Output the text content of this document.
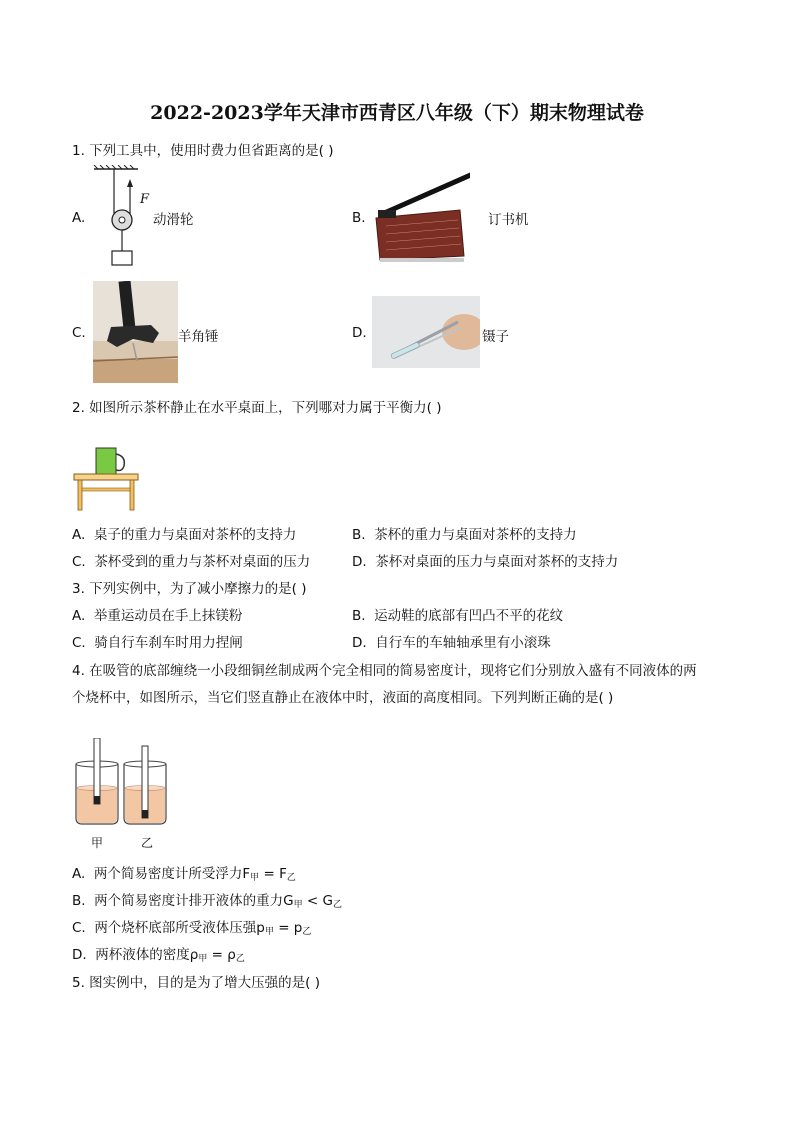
2022-2023学年天津市西青区八年级（下）期末物理试卷
1. 下列工具中，使用时费力但省距离的是( )
A.
F
动滑轮	B.	订书机
C.	羊角锤	D.	镊子
2. 如图所示茶杯静止在水平桌面上，下列哪对力属于平衡力( )
A. 桌子的重力与桌面对茶杯的支持力	B. 茶杯的重力与桌面对茶杯的支持力
C. 茶杯受到的重力与茶杯对桌面的压力	D. 茶杯对桌面的压力与桌面对茶杯的支持力
3. 下列实例中，为了减小摩擦力的是( )
A. 举重运动员在手上抹镁粉	B. 运动鞋的底部有凹凸不平的花纹
C. 骑自行车刹车时用力捏闸	D. 自行车的车轴轴承里有小滚珠
4. 在吸管的底部缠绕一小段细铜丝制成两个完全相同的简易密度计，现将它们分别放入盛有不同液体的两
个烧杯中，如图所示，当它们竖直静止在液体中时，液面的高度相同。下列判断正确的是( )
甲	乙
A. 两个简易密度计所受浮力$F_甲 = F_乙$
B. 两个简易密度计排开液体的重力$G_甲 < G_乙$
C. 两个烧杯底部所受液体压强$p_甲 = p_乙$
D. 两杯液体的密度$\rho_甲 = \rho_乙$
5. 图实例中，目的是为了增大压强的是( )
